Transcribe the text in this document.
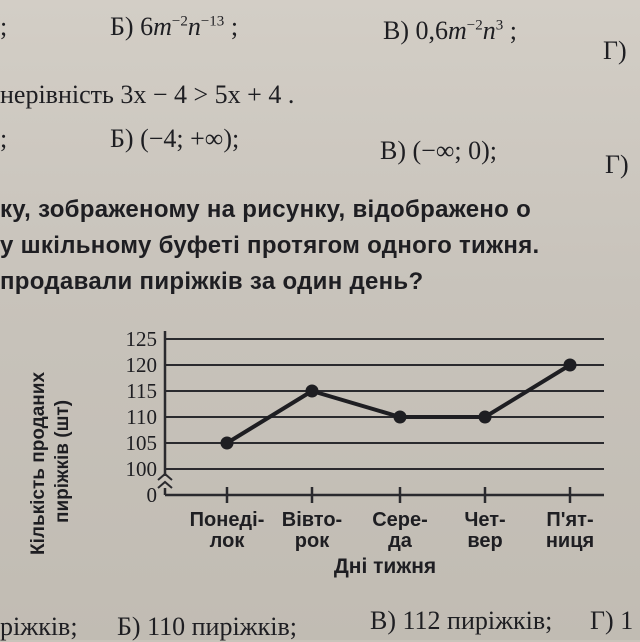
;	Б) $6m^{-2}n^{-13}$ ;	В) $0,6m^{-2}n^3$ ;
Г)
нерівність 3x − 4 > 5x + 4 .
;	Б) (−4; +∞);	В) (−∞; 0);	Г)
ку, зображеному на рисунку, відображено о
у шкільному буфеті протягом одного тижня.
продавали пиріжків за один день?
Кількість проданих пиріжків (шт)	0
100
105
110
115
120
125
Понеді-
лок
Вівто-
рок
Сере-
да
Чет-
вер
П'ят-
ниця
Дні тижня
ріжків; Б) 110 пиріжків;	В) 112 пиріжків; Г) 1
